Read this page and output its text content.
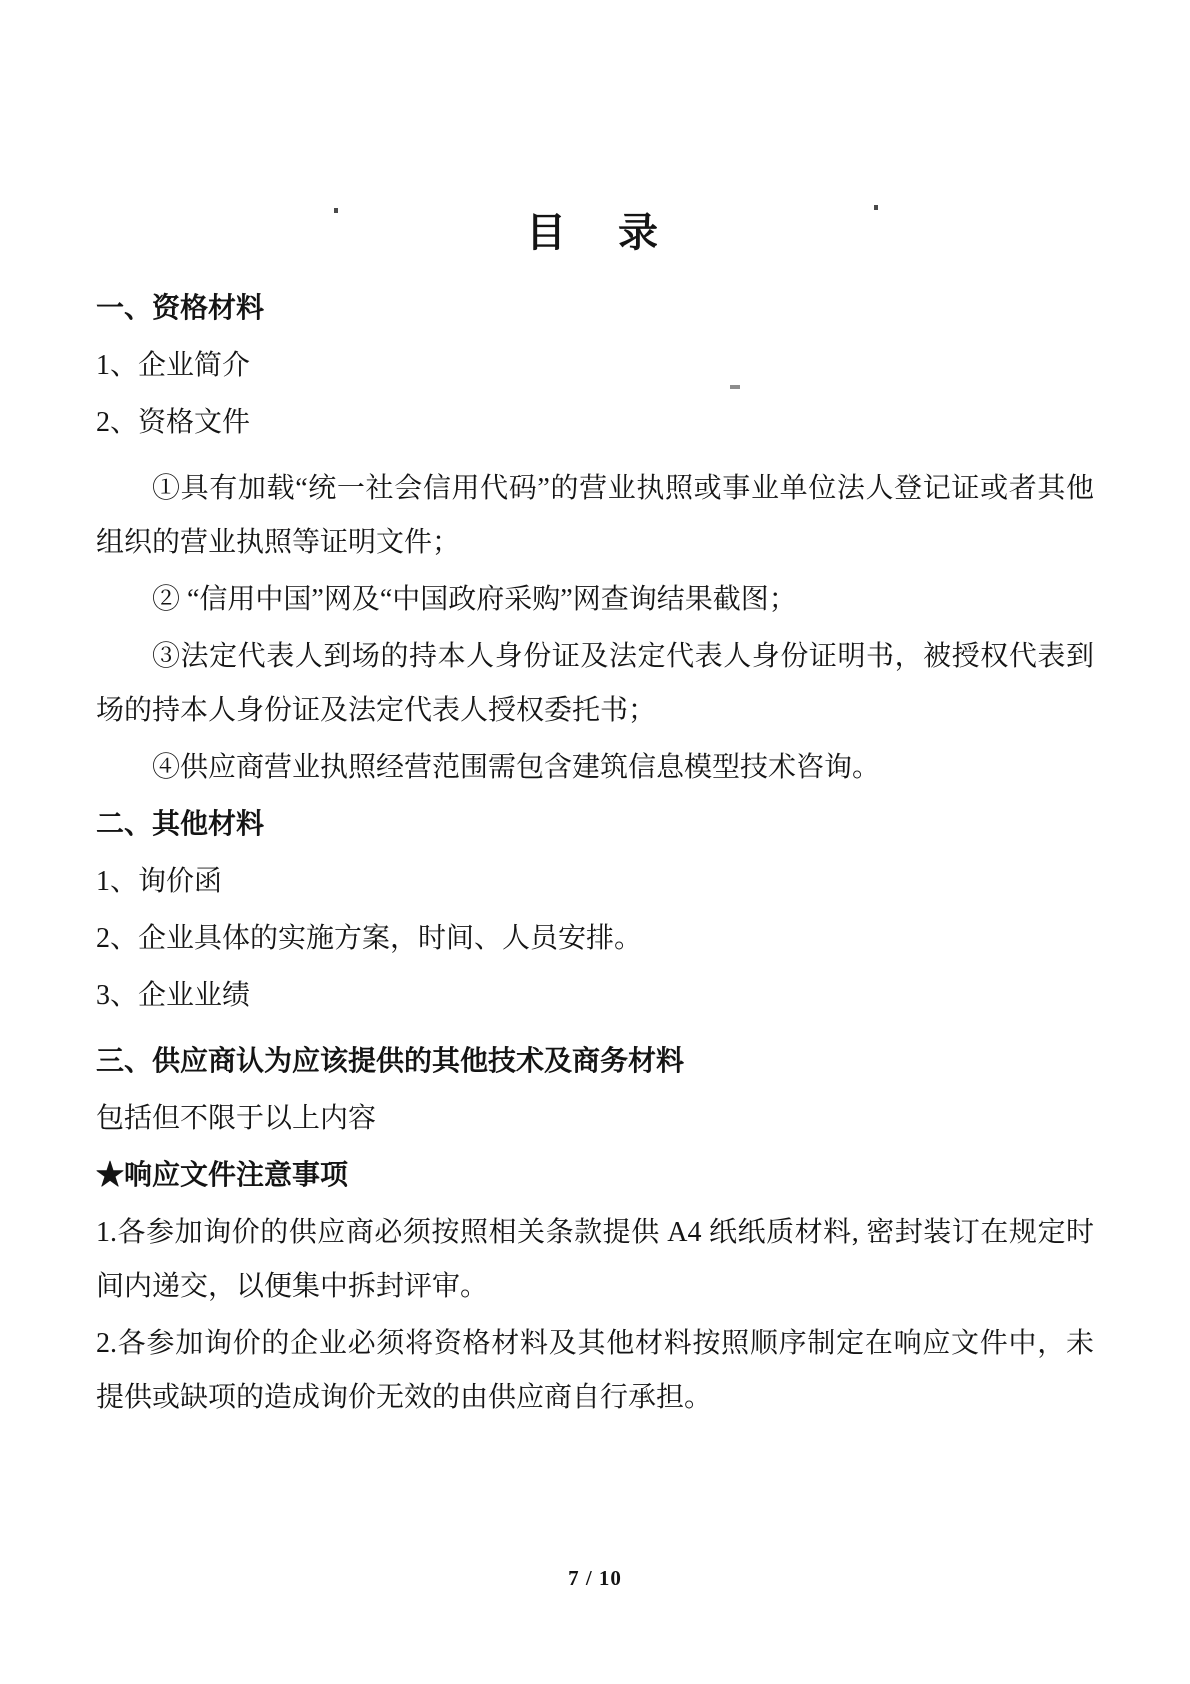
目　录

一、资格材料

1、企业简介

2、资格文件

①具有加载“统一社会信用代码”的营业执照或事业单位法人登记证或者其他组织的营业执照等证明文件；

② “信用中国”网及“中国政府采购”网查询结果截图；

③法定代表人到场的持本人身份证及法定代表人身份证明书，被授权代表到场的持本人身份证及法定代表人授权委托书；

④供应商营业执照经营范围需包含建筑信息模型技术咨询。

二、其他材料

1、询价函

2、企业具体的实施方案，时间、人员安排。

3、企业业绩

三、供应商认为应该提供的其他技术及商务材料

包括但不限于以上内容

★响应文件注意事项

1.各参加询价的供应商必须按照相关条款提供 A4 纸纸质材料, 密封装订在规定时间内递交，以便集中拆封评审。

2.各参加询价的企业必须将资格材料及其他材料按照顺序制定在响应文件中，未提供或缺项的造成询价无效的由供应商自行承担。

7 / 10
